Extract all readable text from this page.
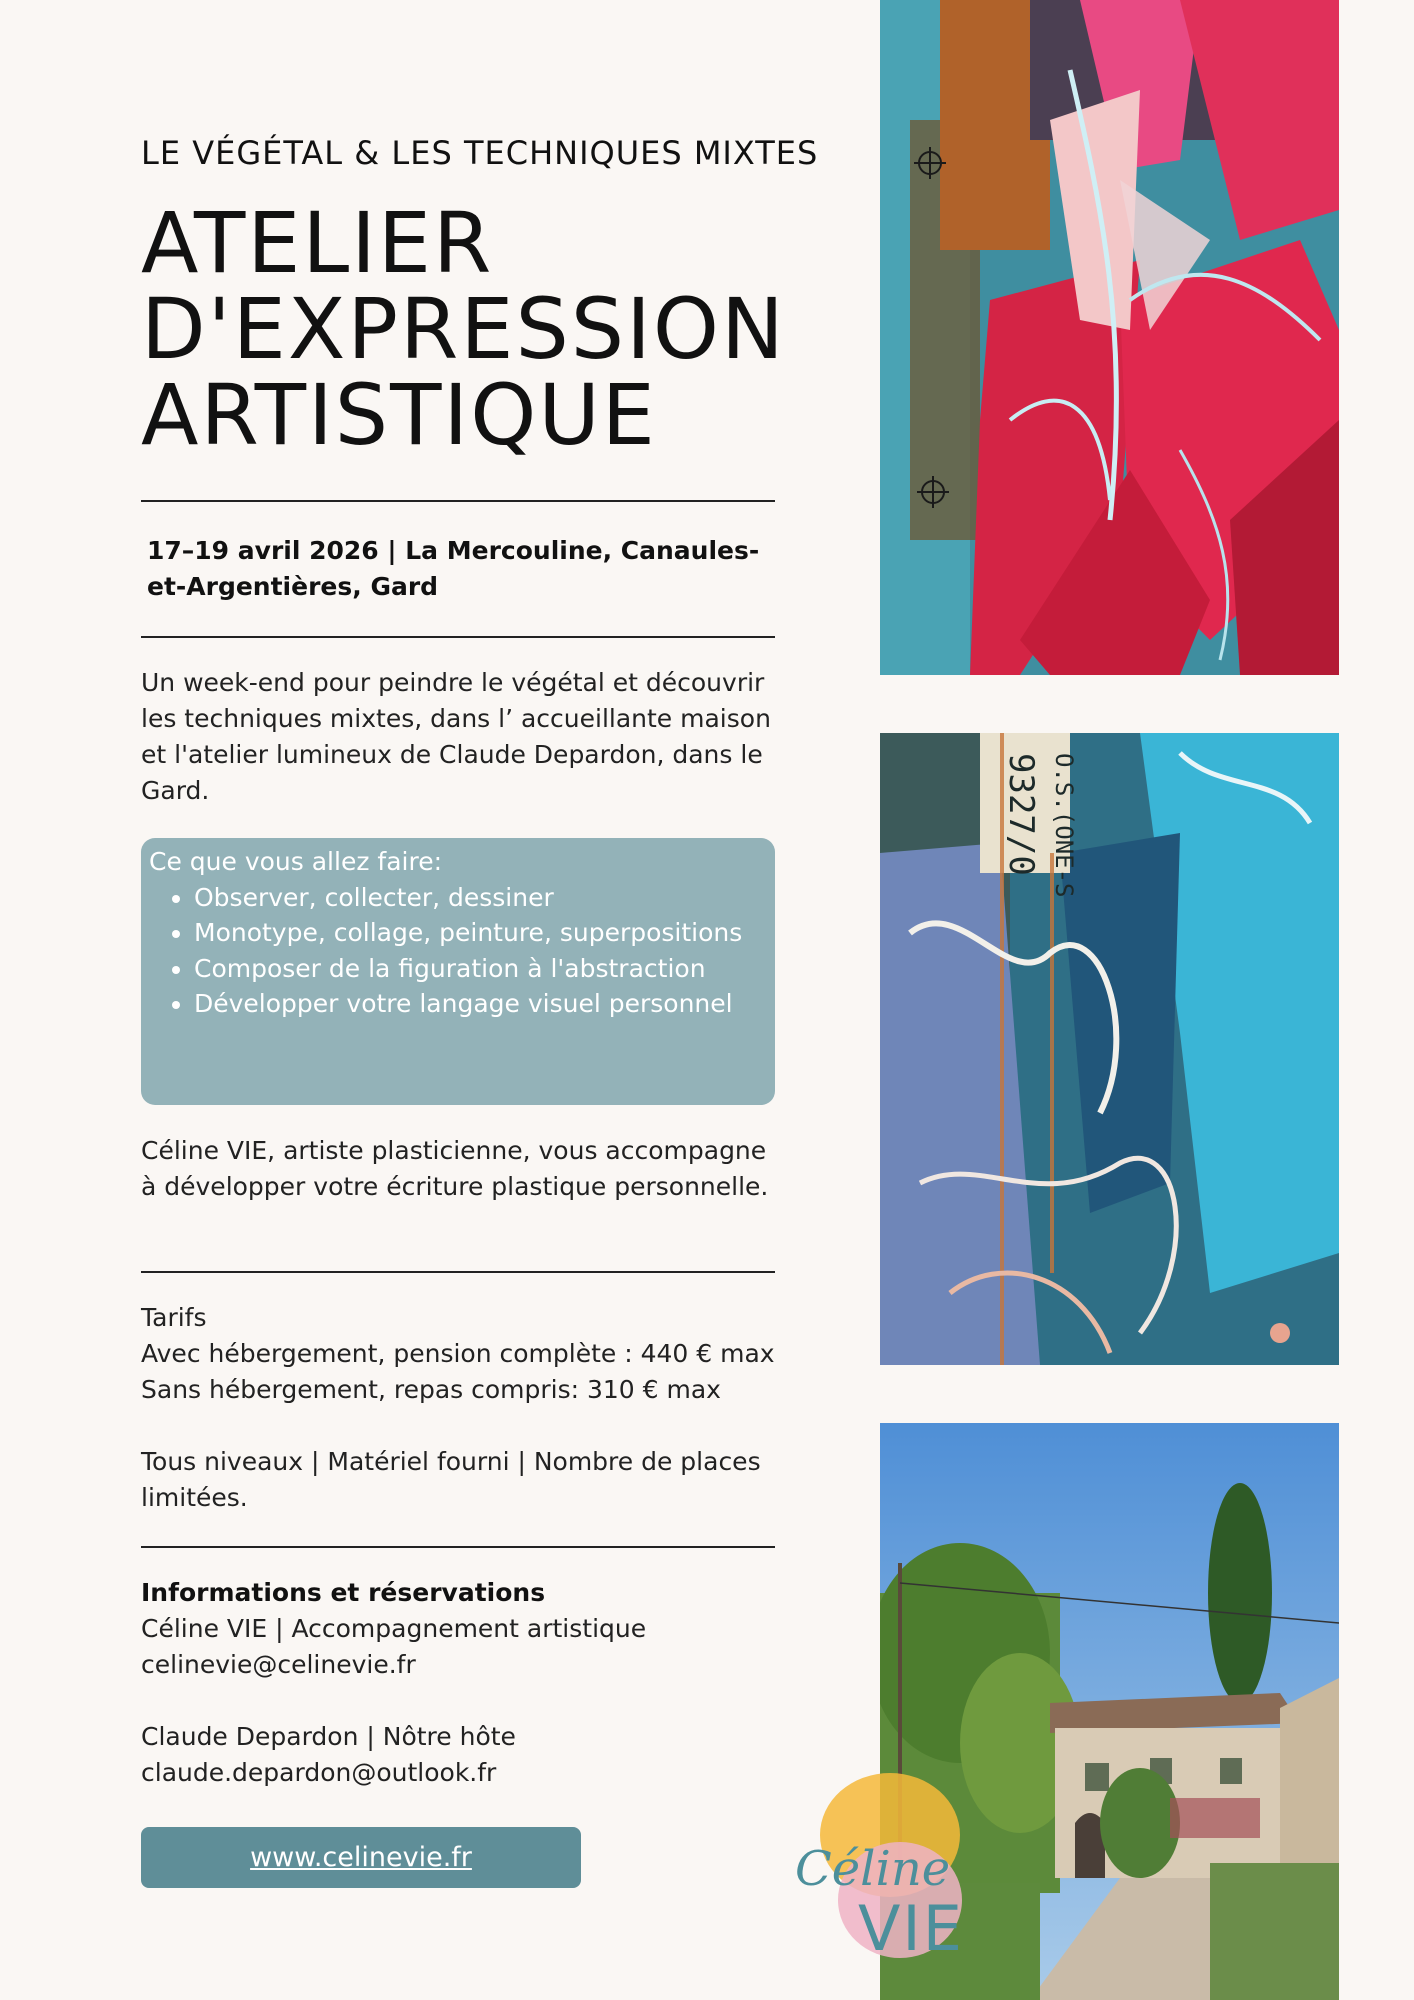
LE VÉGÉTAL & LES TECHNIQUES MIXTES
ATELIER
D'EXPRESSION
ARTISTIQUE
17–19 avril 2026 | La Mercouline, Canaules-et-Argentières, Gard
Un week-end pour peindre le végétal et découvrir les techniques mixtes, dans l’ accueillante maison et l'atelier lumineux de Claude Depardon, dans le Gard.
Ce que vous allez faire:
• Observer, collecter, dessiner
• Monotype, collage, peinture, superpositions
• Composer de la figuration à l'abstraction
• Développer votre langage visuel personnel
Céline VIE, artiste plasticienne, vous accompagne à développer votre écriture plastique personnelle.

Tarifs

Avec hébergement, pension complète : 440 € max

Sans hébergement, repas compris: 310 € max

Tous niveaux | Matériel fourni | Nombre de places limitées.

Informations et réservations

Céline VIE | Accompagnement artistique

celinevie@celinevie.fr

Claude Depardon | Nôtre hôte

claude.depardon@outlook.fr

www.celinevie.fr
9327/0 O.S.(ONE-S
Céline
VIE
